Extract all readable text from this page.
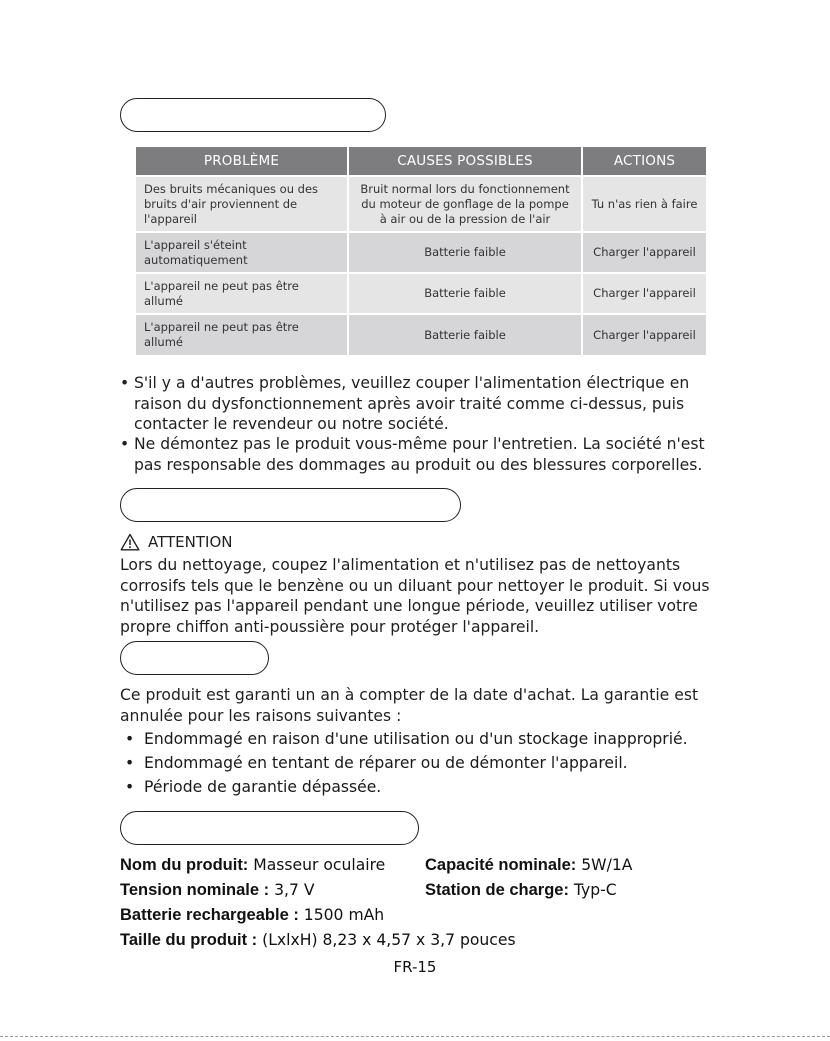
PROBLÈME	CAUSES POSSIBLES	ACTIONS
Des bruits mécaniques ou des bruits d'air proviennent de l'appareil	Bruit normal lors du fonctionnement du moteur de gonflage de la pompe à air ou de la pression de l'air	Tu n'as rien à faire
L'appareil s'éteint automatiquement	Batterie faible	Charger l'appareil
L'appareil ne peut pas être allumé	Batterie faible	Charger l'appareil
L'appareil ne peut pas être allumé	Batterie faible	Charger l'appareil
• S'il y a d'autres problèmes, veuillez couper l'alimentation électrique en raison du dysfonctionnement après avoir traité comme ci-dessus, puis contacter le revendeur ou notre société.
• Ne démontez pas le produit vous-même pour l'entretien. La société n'est pas responsable des dommages au produit ou des blessures corporelles.
ATTENTION
Lors du nettoyage, coupez l'alimentation et n'utilisez pas de nettoyants corrosifs tels que le benzène ou un diluant pour nettoyer le produit. Si vous n'utilisez pas l'appareil pendant une longue période, veuillez utiliser votre propre chiffon anti-poussière pour protéger l'appareil.
Ce produit est garanti un an à compter de la date d'achat. La garantie est annulée pour les raisons suivantes :
• Endommagé en raison d'une utilisation ou d'un stockage inapproprié.
• Endommagé en tentant de réparer ou de démonter l'appareil.
• Période de garantie dépassée.
Nom du produit: Masseur oculaire Capacité nominale: 5W/1A
Tension nominale : 3,7 V	Station de charge: Typ-C
Batterie rechargeable : 1500 mAh
Taille du produit : (LxlxH) 8,23 x 4,57 x 3,7 pouces
FR-15
